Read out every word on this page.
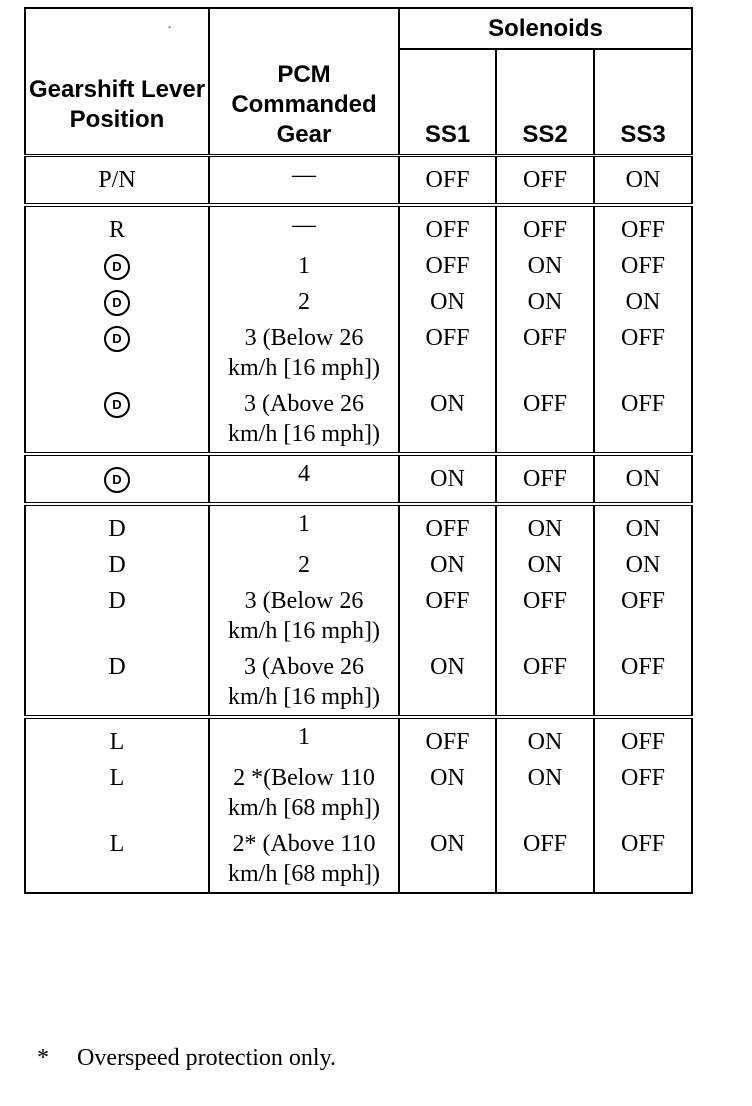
-
			Solenoids		
Gearshift Lever Position	PCM Commanded Gear	SS1	SS2	SS3
P/N	—	OFF	OFF	ON
R	—	OFF	OFF	OFF
D	1	OFF	ON	OFF
D	2	ON	ON	ON
D	3 (Below 26 km/h [16 mph])	OFF	OFF	OFF
D	3 (Above 26 km/h [16 mph])	ON	OFF	OFF
D	4	ON	OFF	ON
D	1	OFF	ON	ON
D	2	ON	ON	ON
D	3 (Below 26 km/h [16 mph])	OFF	OFF	OFF
D	3 (Above 26 km/h [16 mph])	ON	OFF	OFF
L	1	OFF	ON	OFF
L	2 *(Below 110 km/h [68 mph])	ON	ON	OFF
L	2* (Above 110 km/h [68 mph])	ON	OFF	OFF
* Overspeed protection only.
